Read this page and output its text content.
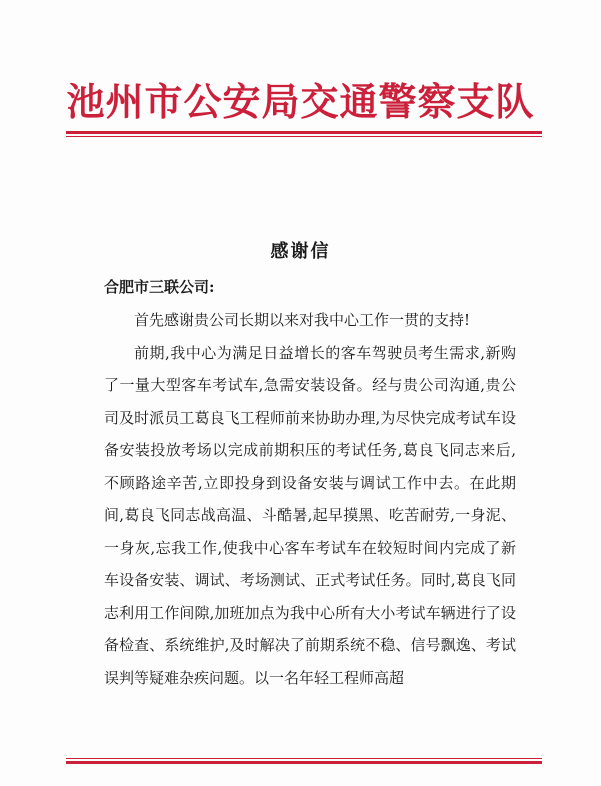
池州市公安局交通警察支队
感谢信
合肥市三联公司:

首先感谢贵公司长期以来对我中心工作一贯的支持!

前期,我中心为满足日益增长的客车驾驶员考生需求,新购了一量大型客车考试车,急需安装设备。经与贵公司沟通,贵公司及时派员工葛良飞工程师前来协助办理,为尽快完成考试车设备安装投放考场以完成前期积压的考试任务,葛良飞同志来后,不顾路途辛苦,立即投身到设备安装与调试工作中去。在此期间,葛良飞同志战高温、斗酷暑,起早摸黑、吃苦耐劳,一身泥、一身灰,忘我工作,使我中心客车考试车在较短时间内完成了新车设备安装、调试、考场测试、正式考试任务。同时,葛良飞同志利用工作间隙,加班加点为我中心所有大小考试车辆进行了设备检查、系统维护,及时解决了前期系统不稳、信号飘逸、考试误判等疑难杂疾问题。以一名年轻工程师高超
